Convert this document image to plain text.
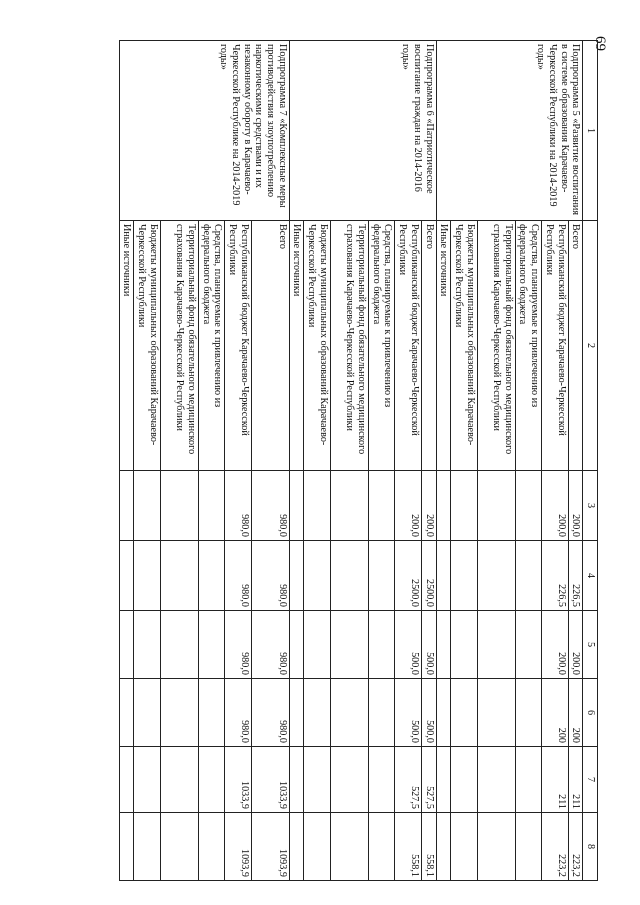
69
1	2	3	4	5	6	7	8
Подпрограмма 5 «Развитие воспитания в системе образования Карачаево-Черкесской Республики на 2014-2019 годы»	Всего	200,0	226,5	200,0	200	211	223,2
	Республиканский бюджет Карачаево-Черкесской Республики	200,0	226,5	200,0	200	211	223,2
	Средства, планируемые к привлечению из федерального бюджета						
	Территориальный фонд обязательного медицинского страхования Карачаево-Черкесской Республики						
	Бюджеты муниципальных образований Карачаево-Черкесской Республики						
	Иные источники						
Подпрограмма 6 «Патриотическое воспитание граждан на 2014-2016 годы»	Всего	200,0	2500,0	500,0	500,0	527,5	558,1
	Республиканский бюджет Карачаево-Черкесской Республики	200,0	2500,0	500,0	500,0	527,5	558,1
	Средства, планируемые к привлечению из федерального бюджета						
	Территориальный фонд обязательного медицинского страхования Карачаево-Черкесской Республики						
	Бюджеты муниципальных образований Карачаево-Черкесской Республики						
	Иные источники						
Подпрограмма 7 «Комплексные меры противодействия злоупотреблению наркотическими средствами и их незаконному обороту в Карачаево-Черкесской Республике на 2014-2019 годы»	Всего	980,0	980,0	980,0	980,0	1033,9	1093,9
	Республиканский бюджет Карачаево-Черкесской Республики	980,0	980,0	980,0	980,0	1033,9	1093,9
	Средства, планируемые к привлечению из федерального бюджета						
	Территориальный фонд обязательного медицинского страхования Карачаево-Черкесской Республики						
	Бюджеты муниципальных образований Карачаево-Черкесской Республики						
	Иные источники						
